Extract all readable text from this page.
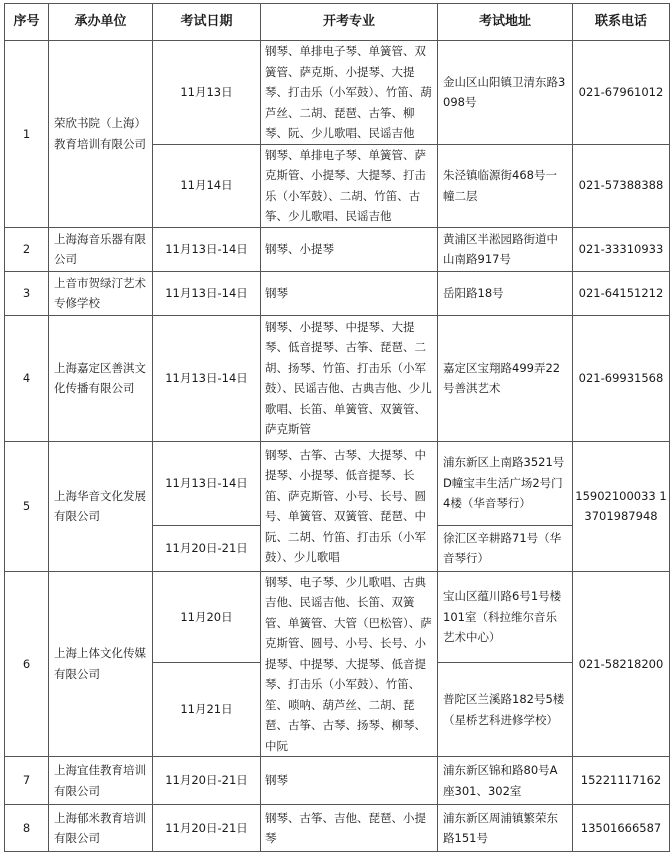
序号	承办单位	考试日期	开考专业	考试地址	联系电话
1	荣欣书院（上海）教育培训有限公司	11月13日	钢琴、单排电子琴、单簧管、双簧管、萨克斯、小提琴、大提琴、打击乐（小军鼓）、竹笛、葫芦丝、二胡、琵琶、古筝、柳琴、阮、少儿歌唱、民谣吉他	金山区山阳镇卫清东路3098号	021-67961012
		11月14日	钢琴、单排电子琴、单簧管、萨克斯管、小提琴、大提琴、打击乐（小军鼓）、二胡、竹笛、古筝、少儿歌唱、民谣吉他	朱泾镇临源街468号一幢二层	021-57388388
2	上海海音乐器有限公司	11月13日-14日	钢琴、小提琴	黄浦区半淞园路街道中山南路917号	021-33310933
3	上音市贺绿汀艺术专修学校	11月13日-14日	钢琴	岳阳路18号	021-64151212
4	上海嘉定区善淇文化传播有限公司	11月13日-14日	钢琴、小提琴、中提琴、大提琴、低音提琴、古筝、琵琶、二胡、扬琴、竹笛、打击乐（小军鼓）、民谣吉他、古典吉他、少儿歌唱、长笛、单簧管、双簧管、萨克斯管	嘉定区宝翔路499弄22号善淇艺术	021-69931568
5	上海华音文化发展有限公司	11月13日-14日	钢琴、古筝、古琴、大提琴、中提琴、小提琴、低音提琴、长笛、萨克斯管、小号、长号、圆号、单簧管、双簧管、琵琶、中阮、二胡、竹笛、打击乐（小军鼓）、少儿歌唱	浦东新区上南路3521号D幢宝丰生活广场2号门4楼（华音琴行）	15902100033 13701987948
		11月20日-21日		徐汇区辛耕路71号（华音琴行）	
6	上海上体文化传媒有限公司	11月20日	钢琴、电子琴、少儿歌唱、古典吉他、民谣吉他、长笛、双簧管、单簧管、大管（巴松管）、萨克斯管、圆号、小号、长号、小提琴、中提琴、大提琴、低音提琴、打击乐（小军鼓）、竹笛、笙、唢呐、葫芦丝、二胡、琵琶、古筝、古琴、扬琴、柳琴、中阮	宝山区蕴川路6号1号楼101室（科拉维尔音乐艺术中心）	021-58218200
		11月21日		普陀区兰溪路182号5楼（星桥艺科进修学校）	
7	上海宜佳教育培训有限公司	11月20日-21日	钢琴	浦东新区锦和路80号A座301、302室	15221117162
8	上海郁米教育培训有限公司	11月20日-21日	钢琴、古筝、吉他、琵琶、小提琴	浦东新区周浦镇繁荣东路151号	13501666587
